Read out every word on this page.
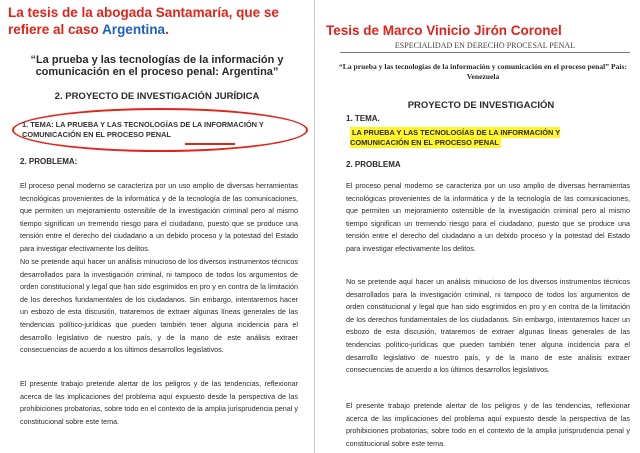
La tesis de la abogada Santamaría, que se refiere al caso Argentina.
“La prueba y las tecnologías de la información y comunicación en el proceso penal: Argentina”
2. PROYECTO DE INVESTIGACIÓN JURÍDICA
1. TEMA: LA PRUEBA Y LAS TECNOLOGÍAS DE LA INFORMACIÓN Y COMUNICACIÓN EN EL PROCESO PENAL
2. PROBLEMA:
El proceso penal moderno se caracteriza por un uso amplio de diversas herramientas tecnológicas provenientes de la informática y de la tecnología de las comunicaciones, que permiten un mejoramiento ostensible de la investigación criminal pero al mismo tiempo significan un tremendo riesgo para el ciudadano, puesto que se produce una tensión entre el derecho del ciudadano a un debido proceso y la potestad del Estado para investigar efectivamente los delitos.
No se pretende aquí hacer un análisis minucioso de los diversos instrumentos técnicos desarrollados para la investigación criminal, ni tampoco de todos los argumentos de orden constitucional y legal que han sido esgrimidos en pro y en contra de la limitación de los derechos fundamentales de los ciudadanos. Sin embargo, intentaremos hacer un esbozo de esta discusión, trataremos de extraer algunas líneas generales de las tendencias político-jurídicas que pueden también tener alguna incidencia para el desarrollo legislativo de nuestro país, y de la mano de este análisis extraer consecuencias de acuerdo a los últimos desarrollos legislativos.
El presente trabajo pretende alertar de los peligros y de las tendencias, reflexionar acerca de las implicaciones del problema aquí expuesto desde la perspectiva de las prohibiciones probatorias, sobre todo en el contexto de la amplia jurisprudencia penal y constitucional sobre este tema.
Tesis de Marco Vinicio Jirón Coronel
ESPECIALIDAD EN DERECHO PROCESAL PENAL
“La prueba y las tecnologías de la información y comunicación en el proceso penal” País: Venezuela
PROYECTO DE INVESTIGACIÓN
1. TEMA.
LA PRUEBA Y LAS TECNOLOGÍAS DE LA INFORMACIÓN Y COMUNICACIÓN EN EL PROCESO PENAL
2. PROBLEMA
El proceso penal moderno se caracteriza por un uso amplio de diversas herramientas tecnológicas provenientes de la informática y de la tecnología de las comunicaciones, que permiten un mejoramiento ostensible de la investigación criminal pero al mismo tiempo significan un tremendo riesgo para el ciudadano, puesto que se produce una tensión entre el derecho del ciudadano a un debido proceso y la potestad del Estado para investigar efectivamente los delitos.
No se pretende aquí hacer un análisis minucioso de los diversos instrumentos técnicos desarrollados para la investigación criminal, ni tampoco de todos los argumentos de orden constitucional y legal que han sido esgrimidos en pro y en contra de la limitación de los derechos fundamentales de los ciudadanos. Sin embargo, intentaremos hacer un esbozo de esta discusión, trataremos de extraer algunas líneas generales de las tendencias político-jurídicas que pueden también tener alguna incidencia para el desarrollo legislativo de nuestro país, y de la mano de este análisis extraer consecuencias de acuerdo a los últimos desarrollos legislativos.
El presente trabajo pretende alertar de los peligros y de las tendencias, reflexionar acerca de las implicaciones del problema aquí expuesto desde la perspectiva de las prohibiciones probatorias, sobre todo en el contexto de la amplia jurisprudencia penal y constitucional sobre este tema.
